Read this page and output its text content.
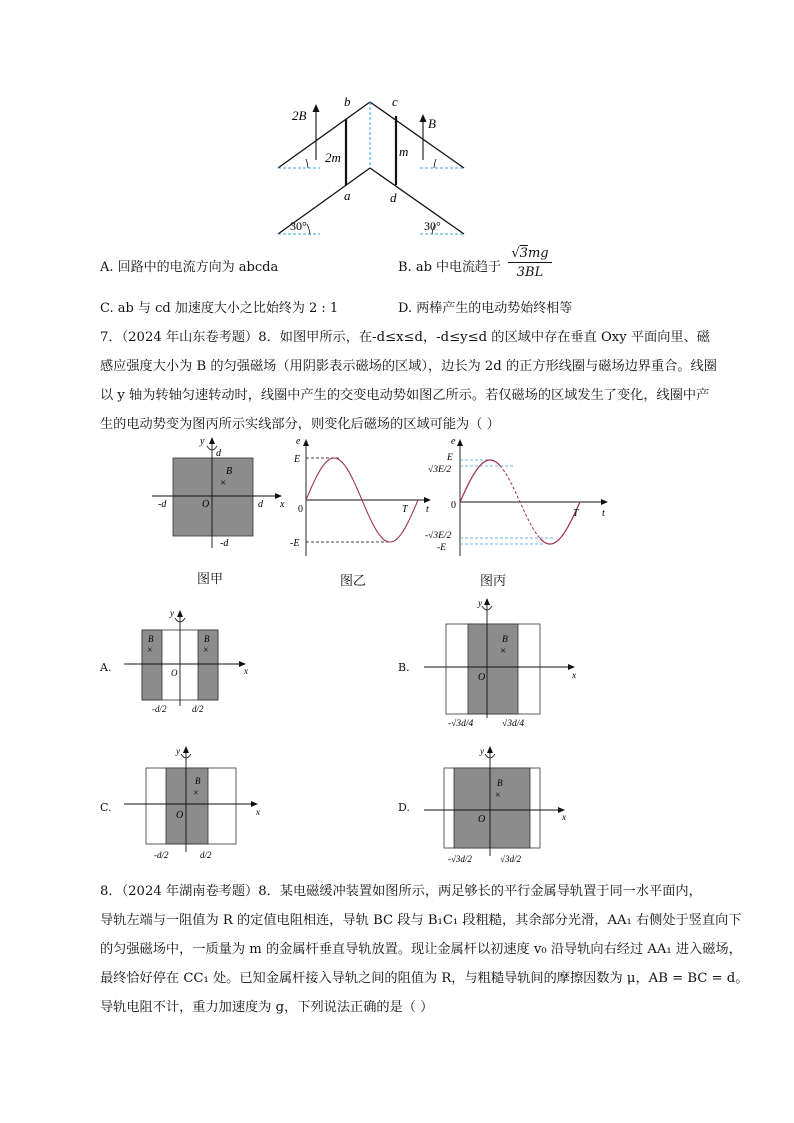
2B
b	c
B
2m	m
a	d
30°	30°
A. 回路中的电流方向为 abcda	B. ab 中电流趋于
√3mg
3BL
C. ab 与 cd 加速度大小之比始终为 2 : 1	D. 两棒产生的电动势始终相等
7．（2024 年山东卷考题）8．如图甲所示，在-d≤x≤d，-d≤y≤d 的区域中存在垂直 Oxy 平面向里、磁
感应强度大小为 B 的匀强磁场（用阴影表示磁场的区域），边长为 2d 的正方形线圈与磁场边界重合。线圈
以 y 轴为转轴匀速转动时，线圈中产生的交变电动势如图乙所示。若仅磁场的区域发生了变化，线圈中产
生的电动势变为图丙所示实线部分，则变化后磁场的区域可能为（ ）
y
d
B
×
-d	O	d x
-d
图甲
e
E
0	T t
-E
图乙
e
E
√3E/2
0
T t
-√3E/2
-E
图丙
A.
y
x
O
B
×
B
×
-d/2	d/2
B.
y
x
O
B
×
-√3d/4	√3d/4
C.
y
x
O
B
×
-d/2	d/2
D.
y
x
O
B
×
-√3d/2	√3d/2
8．（2024 年湖南卷考题）8．某电磁缓冲装置如图所示，两足够长的平行金属导轨置于同一水平面内，
导轨左端与一阻值为 R 的定值电阻相连，导轨 BC 段与 B₁C₁ 段粗糙，其余部分光滑，AA₁ 右侧处于竖直向下
的匀强磁场中，一质量为 m 的金属杆垂直导轨放置。现让金属杆以初速度 v₀ 沿导轨向右经过 AA₁ 进入磁场，
最终恰好停在 CC₁ 处。已知金属杆接入导轨之间的阻值为 R，与粗糙导轨间的摩擦因数为 μ，AB = BC = d。
导轨电阻不计，重力加速度为 g，下列说法正确的是（ ）
